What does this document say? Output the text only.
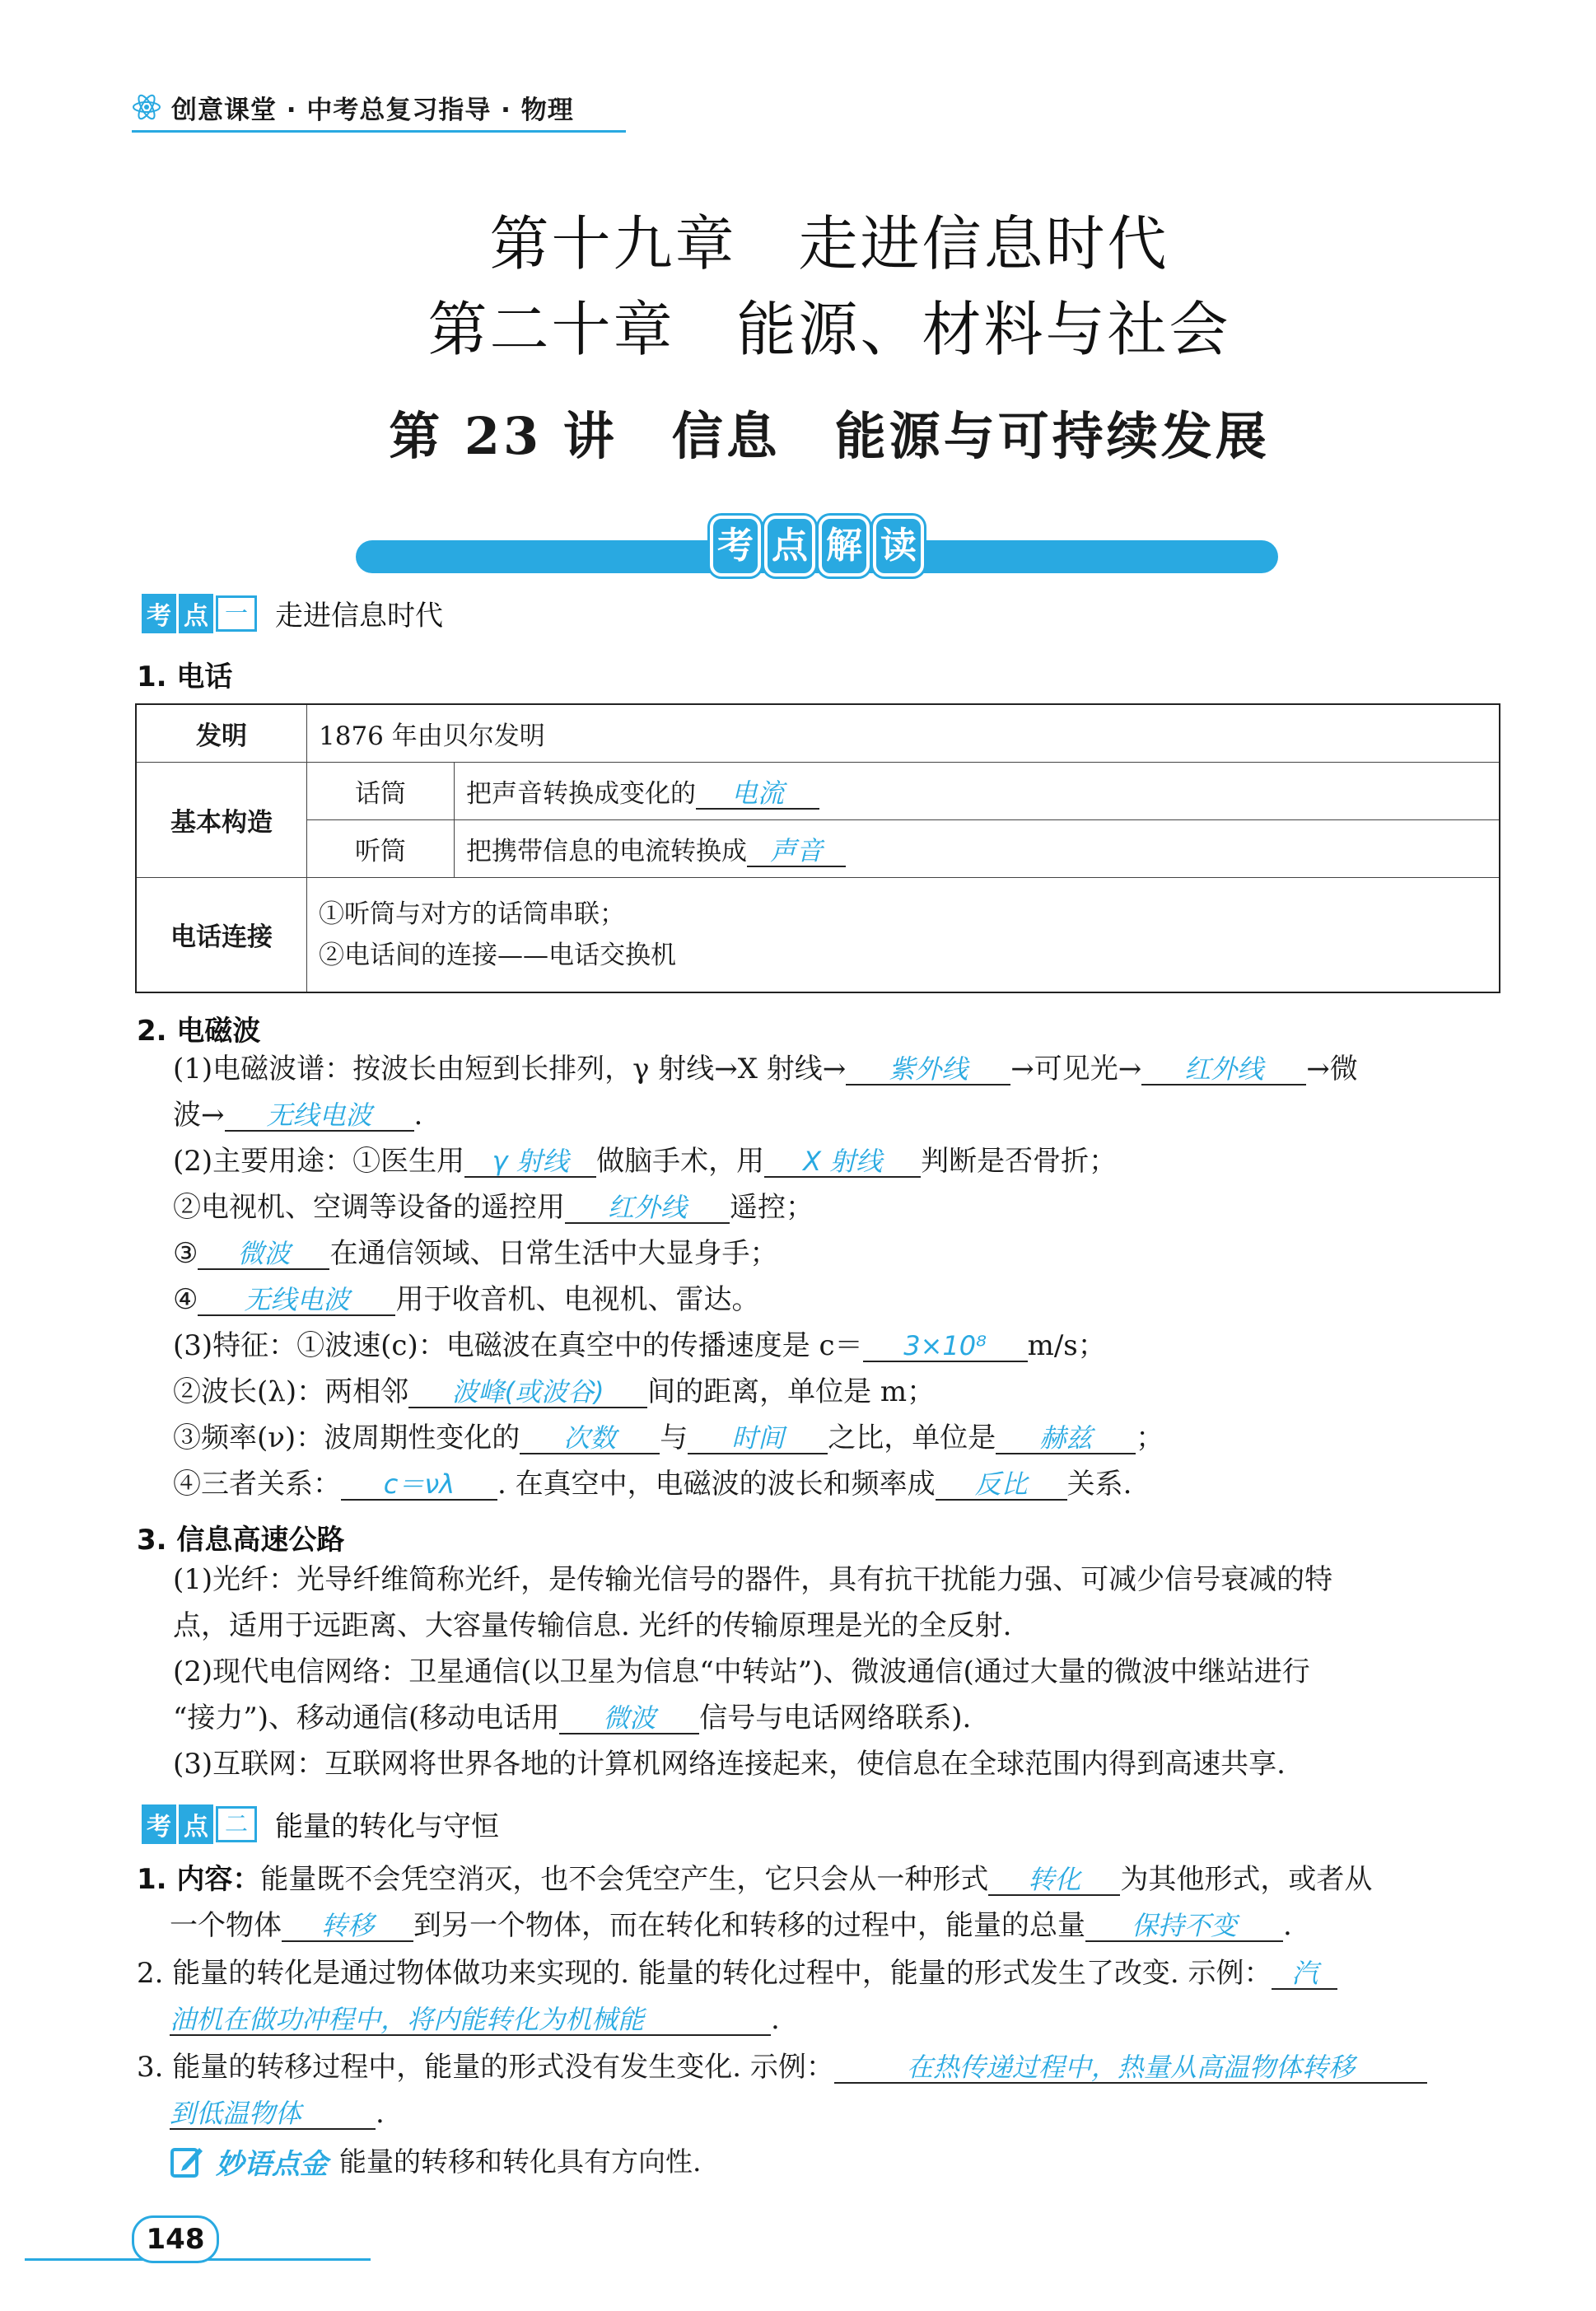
创意课堂 · 中考总复习指导 · 物理
第十九章　走进信息时代
第二十章　能源、材料与社会
第 23 讲　信息　能源与可持续发展
考 点 解 读
考 点 一 走进信息时代
1. 电话
发明	1876 年由贝尔发明	
基本构造	话筒	把声音转换成变化的 电流
	听筒	把携带信息的电流转换成 声音
电话连接	①听筒与对方的话筒串联；
②电话间的连接——电话交换机	
2. 电磁波
(1)电磁波谱：按波长由短到长排列，γ 射线→X 射线→ 紫外线 →可见光→ 红外线 →微
波→ 无线电波 .
(2)主要用途：①医生用 γ 射线 做脑手术，用 X 射线 判断是否骨折；
②电视机、空调等设备的遥控用 红外线 遥控；
③ 微波 在通信领域、日常生活中大显身手；
④ 无线电波 用于收音机、电视机、雷达。
(3)特征：①波速(c)：电磁波在真空中的传播速度是 c＝ 3×10⁸ m/s；
②波长(λ)：两相邻 波峰(或波谷) 间的距离，单位是 m；
③频率(ν)：波周期性变化的 次数 与 时间 之比，单位是 赫兹 ；
④三者关系： c＝νλ . 在真空中，电磁波的波长和频率成 反比 关系.
3. 信息高速公路
(1)光纤：光导纤维简称光纤，是传输光信号的器件，具有抗干扰能力强、可减少信号衰减的特
点，适用于远距离、大容量传输信息. 光纤的传输原理是光的全反射.
(2)现代电信网络：卫星通信(以卫星为信息“中转站”)、微波通信(通过大量的微波中继站进行
“接力”)、移动通信(移动电话用 微波 信号与电话网络联系).
(3)互联网：互联网将世界各地的计算机网络连接起来，使信息在全球范围内得到高速共享.
考 点 二 能量的转化与守恒
1. 内容：能量既不会凭空消灭，也不会凭空产生，它只会从一种形式 转化 为其他形式，或者从
一个物体 转移 到另一个物体，而在转化和转移的过程中，能量的总量 保持不变 .
2. 能量的转化是通过物体做功来实现的. 能量的转化过程中，能量的形式发生了改变. 示例： 汽
油机在做功冲程中，将内能转化为机械能	.
3. 能量的转移过程中，能量的形式没有发生变化. 示例：	在热传递过程中，热量从高温物体转移
到低温物体	.
妙语点金 能量的转移和转化具有方向性.
148
